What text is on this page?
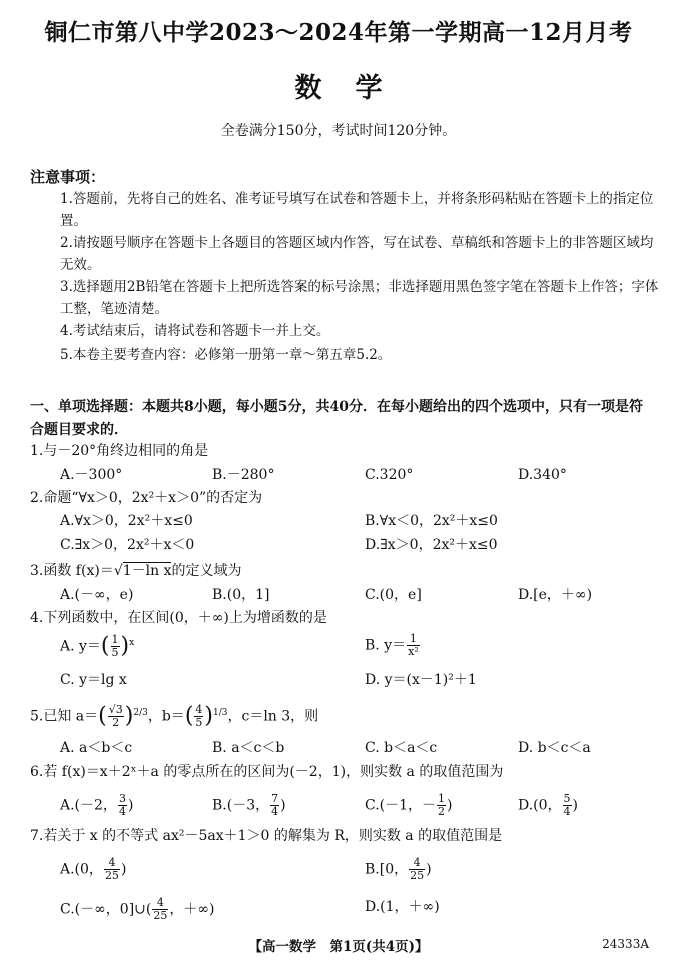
铜仁市第八中学2023～2024年第一学期高一12月月考
数学
全卷满分150分，考试时间120分钟。
注意事项：
1.答题前，先将自己的姓名、准考证号填写在试卷和答题卡上，并将条形码粘贴在答题卡上的指定位置。
2.请按题号顺序在答题卡上各题目的答题区域内作答，写在试卷、草稿纸和答题卡上的非答题区域均无效。
3.选择题用2B铅笔在答题卡上把所选答案的标号涂黑；非选择题用黑色签字笔在答题卡上作答；字体工整，笔迹清楚。
4.考试结束后，请将试卷和答题卡一并上交。
5.本卷主要考查内容：必修第一册第一章～第五章5.2。
一、单项选择题：本题共8小题，每小题5分，共40分．在每小题给出的四个选项中，只有一项是符合题目要求的．
1.与－20°角终边相同的角是
A.－300°	B.－280°	C.320°	D.340°
2.命题“∀x＞0，2x²＋x＞0”的否定为
A.∀x＞0，2x²＋x≤0	B.∀x＜0，2x²＋x≤0
C.∃x＞0，2x²＋x＜0	D.∃x＞0，2x²＋x≤0
3.函数 f(x)＝√1－ln x的定义域为
A.(－∞，e)	B.(0，1]	C.(0，e]	D.[e，＋∞)
4.下列函数中，在区间(0，＋∞)上为增函数的是
A. $y=( \frac{1}{5} )^x$	B. $y= \frac{1}{\text{x²}}$
C. y＝lg x	D. y＝(x－1)²＋1
5.已知 $a=( \frac{√3}{2} )^{2/3}$，$b=( \frac{4}{5} )^{1/3}$，c＝ln 3，则
A. a＜b＜c	B. a＜c＜b	C. b＜a＜c	D. b＜c＜a
6.若 f(x)＝x＋2ˣ＋a 的零点所在的区间为(－2，1)，则实数 a 的取值范围为
A.(－2， $\frac{3}{4}$ )	B.(－3， $\frac{7}{4}$ )	C.(－1，－ $\frac{1}{2}$ )	D.(0， $\frac{5}{4}$ )
7.若关于 x 的不等式 ax²－5ax＋1＞0 的解集为 R，则实数 a 的取值范围是
A.(0， $\frac{4}{25}$ )	B.[0， $\frac{4}{25}$ )
C.(－∞，0]∪( $\frac{4}{25}$ ，＋∞)	D.(1，＋∞)
【高一数学　第1页(共4页)】	24333A
